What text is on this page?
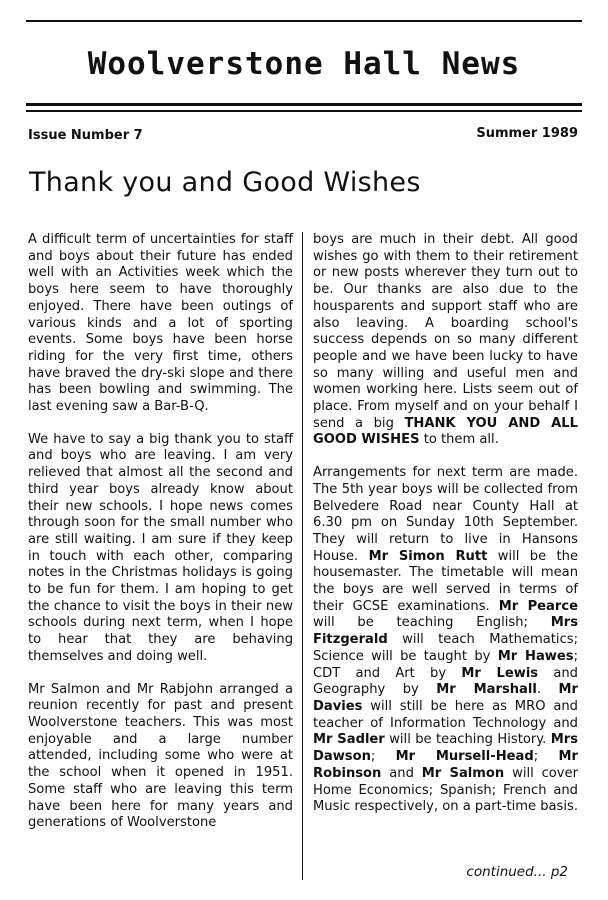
Woolverstone Hall News
Issue Number 7	Summer 1989
Thank you and Good Wishes

A difficult term of uncertainties for staff and boys about their future has ended well with an Activities week which the boys here seem to have thoroughly enjoyed. There have been outings of various kinds and a lot of sporting events. Some boys have been horse riding for the very first time, others have braved the dry-ski slope and there has been bowling and swimming. The last evening saw a Bar-B-Q.

We have to say a big thank you to staff and boys who are leaving. I am very relieved that almost all the second and third year boys already know about their new schools. I hope news comes through soon for the small number who are still waiting. I am sure if they keep in touch with each other, comparing notes in the Christmas holidays is going to be fun for them. I am hoping to get the chance to visit the boys in their new schools during next term, when I hope to hear that they are behaving themselves and doing well.

Mr Salmon and Mr Rabjohn arranged a reunion recently for past and present Woolverstone teachers. This was most enjoyable and a large number attended, including some who were at the school when it opened in 1951. Some staff who are leaving this term have been here for many years and generations of Woolverstone

boys are much in their debt. All good wishes go with them to their retirement or new posts wherever they turn out to be. Our thanks are also due to the housparents and support staff who are also leaving. A boarding school's success depends on so many different people and we have been lucky to have so many willing and useful men and women working here. Lists seem out of place. From myself and on your behalf I send a big THANK YOU AND ALL GOOD WISHES to them all.

Arrangements for next term are made. The 5th year boys will be collected from Belvedere Road near County Hall at 6.30 pm on Sunday 10th September. They will return to live in Hansons House. Mr Simon Rutt will be the housemaster. The timetable will mean the boys are well served in terms of their GCSE examinations. Mr Pearce will be teaching English; Mrs Fitzgerald will teach Mathematics; Science will be taught by Mr Hawes; CDT and Art by Mr Lewis and Geography by Mr Marshall. Mr Davies will still be here as MRO and teacher of Information Technology and Mr Sadler will be teaching History. Mrs Dawson; Mr Mursell-Head; Mr Robinson and Mr Salmon will cover Home Economics; Spanish; French and Music respectively, on a part-time basis.

continued... p2
